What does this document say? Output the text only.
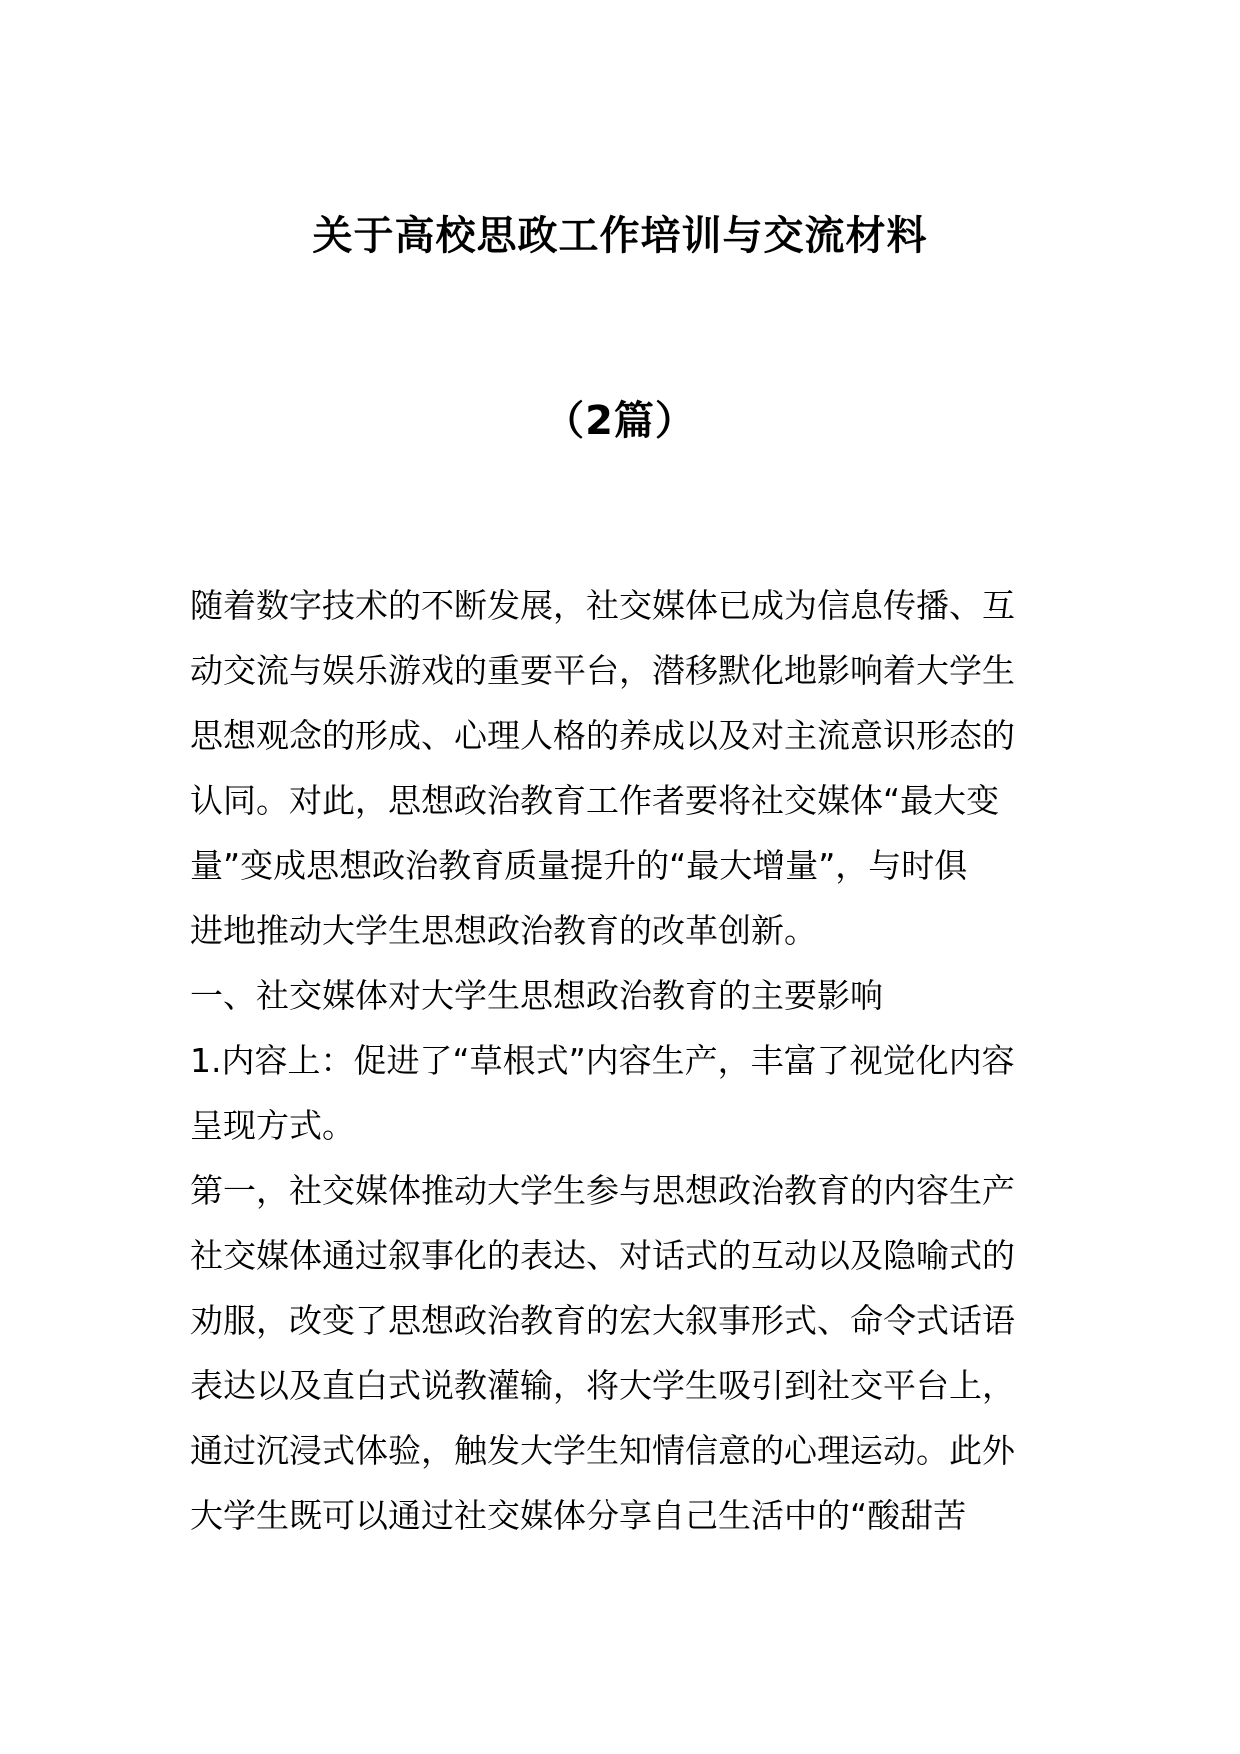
关于高校思政工作培训与交流材料
（2篇）
随着数字技术的不断发展，社交媒体已成为信息传播、互
动交流与娱乐游戏的重要平台，潜移默化地影响着大学生
思想观念的形成、心理人格的养成以及对主流意识形态的
认同。对此，思想政治教育工作者要将社交媒体“最大变
量”变成思想政治教育质量提升的“最大增量”，与时俱
进地推动大学生思想政治教育的改革创新。
一、社交媒体对大学生思想政治教育的主要影响
1.内容上：促进了“草根式”内容生产，丰富了视觉化内容
呈现方式。
第一，社交媒体推动大学生参与思想政治教育的内容生产
社交媒体通过叙事化的表达、对话式的互动以及隐喻式的
劝服，改变了思想政治教育的宏大叙事形式、命令式话语
表达以及直白式说教灌输，将大学生吸引到社交平台上，
通过沉浸式体验，触发大学生知情信意的心理运动。此外
大学生既可以通过社交媒体分享自己生活中的“酸甜苦
